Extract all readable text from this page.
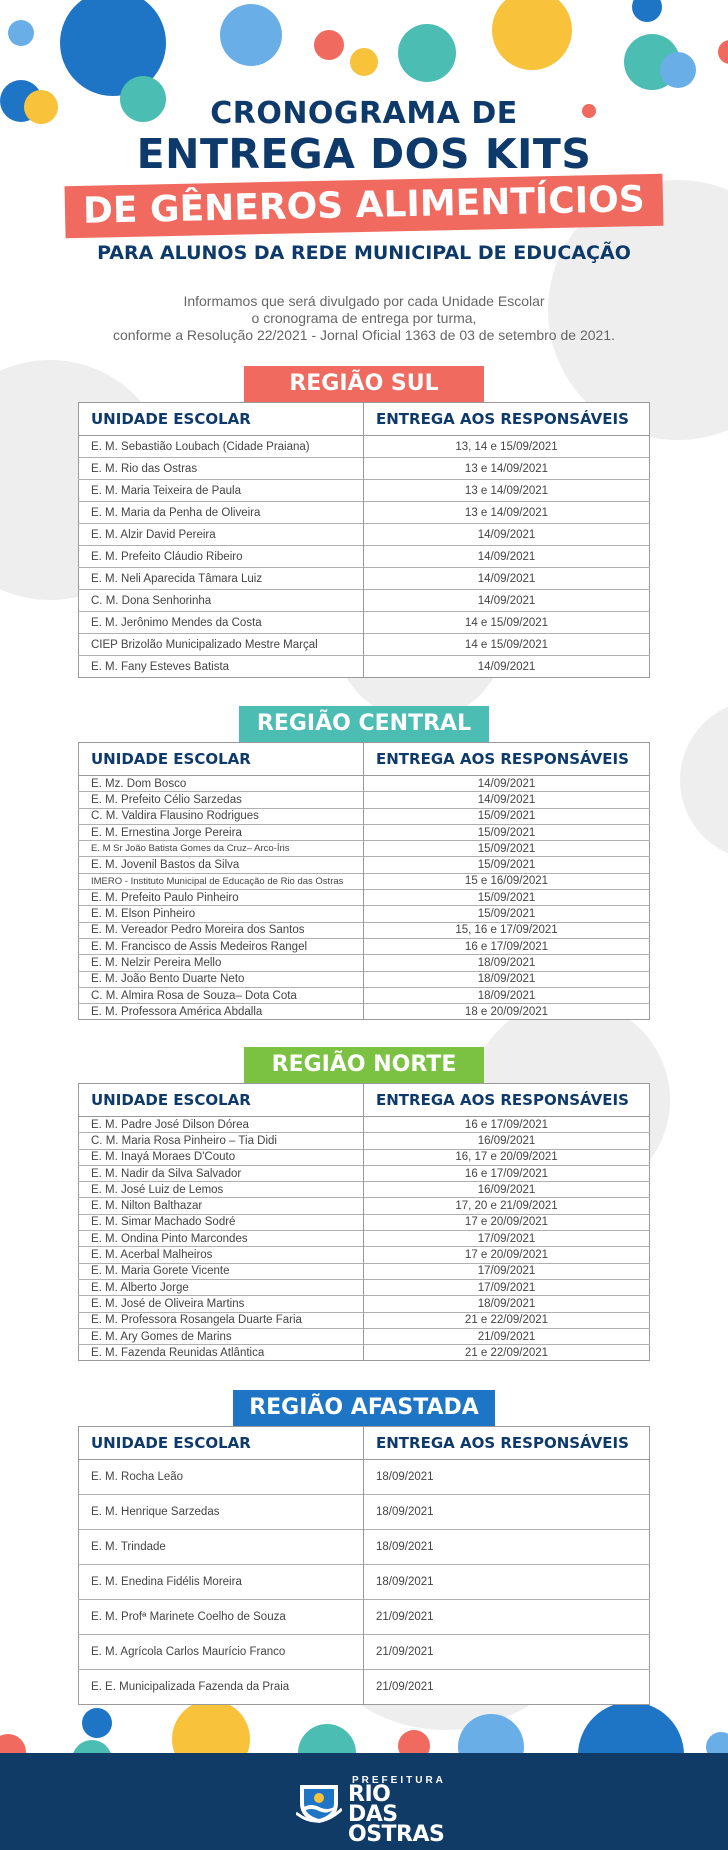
CRONOGRAMA DE
ENTREGA DOS KITS
DE GÊNEROS ALIMENTÍCIOS
PARA ALUNOS DA REDE MUNICIPAL DE EDUCAÇÃO
Informamos que será divulgado por cada Unidade Escolar
o cronograma de entrega por turma,
conforme a Resolução 22/2021 - Jornal Oficial 1363 de 03 de setembro de 2021.
REGIÃO SUL
UNIDADE ESCOLAR	ENTREGA AOS RESPONSÁVEIS
E. M. Sebastião Loubach (Cidade Praiana)	13, 14 e 15/09/2021
E. M. Rio das Ostras	13 e 14/09/2021
E. M. Maria Teixeira de Paula	13 e 14/09/2021
E. M. Maria da Penha de Oliveira	13 e 14/09/2021
E. M. Alzir David Pereira	14/09/2021
E. M. Prefeito Cláudio Ribeiro	14/09/2021
E. M. Neli Aparecida Tâmara Luiz	14/09/2021
C. M. Dona Senhorinha	14/09/2021
E. M. Jerônimo Mendes da Costa	14 e 15/09/2021
CIEP Brizolão Municipalizado Mestre Marçal	14 e 15/09/2021
E. M. Fany Esteves Batista	14/09/2021
REGIÃO CENTRAL
UNIDADE ESCOLAR	ENTREGA AOS RESPONSÁVEIS
E. Mz. Dom Bosco	14/09/2021
E. M. Prefeito Célio Sarzedas	14/09/2021
C. M. Valdira Flausino Rodrigues	15/09/2021
E. M. Ernestina Jorge Pereira	15/09/2021
E. M Sr João Batista Gomes da Cruz– Arco-Íris	15/09/2021
E. M. Jovenil Bastos da Silva	15/09/2021
IMERO - Instituto Municipal de Educação de Rio das Ostras	15 e 16/09/2021
E. M. Prefeito Paulo Pinheiro	15/09/2021
E. M. Elson Pinheiro	15/09/2021
E. M. Vereador Pedro Moreira dos Santos	15, 16 e 17/09/2021
E. M. Francisco de Assis Medeiros Rangel	16 e 17/09/2021
E. M. Nelzir Pereira Mello	18/09/2021
E. M. João Bento Duarte Neto	18/09/2021
C. M. Almira Rosa de Souza– Dota Cota	18/09/2021
E. M. Professora América Abdalla	18 e 20/09/2021
REGIÃO NORTE
UNIDADE ESCOLAR	ENTREGA AOS RESPONSÁVEIS
E. M. Padre José Dilson Dórea	16 e 17/09/2021
C. M. Maria Rosa Pinheiro – Tia Didi	16/09/2021
E. M. Inayá Moraes D'Couto	16, 17 e 20/09/2021
E. M. Nadir da Silva Salvador	16 e 17/09/2021
E. M. José Luiz de Lemos	16/09/2021
E. M. Nilton Balthazar	17, 20 e 21/09/2021
E. M. Simar Machado Sodré	17 e 20/09/2021
E. M. Ondina Pinto Marcondes	17/09/2021
E. M. Acerbal Malheiros	17 e 20/09/2021
E. M. Maria Gorete Vicente	17/09/2021
E. M. Alberto Jorge	17/09/2021
E. M. José de Oliveira Martins	18/09/2021
E. M. Professora Rosangela Duarte Faria	21 e 22/09/2021
E. M. Ary Gomes de Marins	21/09/2021
E. M. Fazenda Reunidas Atlântica	21 e 22/09/2021
REGIÃO AFASTADA
UNIDADE ESCOLAR	ENTREGA AOS RESPONSÁVEIS
E. M. Rocha Leão	18/09/2021
E. M. Henrique Sarzedas	18/09/2021
E. M. Trindade	18/09/2021
E. M. Enedina Fidélis Moreira	18/09/2021
E. M. Profª Marinete Coelho de Souza	21/09/2021
E. M. Agrícola Carlos Maurício Franco	21/09/2021
E. E. Municipalizada Fazenda da Praia	21/09/2021
PREFEITURA
RIO DAS
OSTRAS
